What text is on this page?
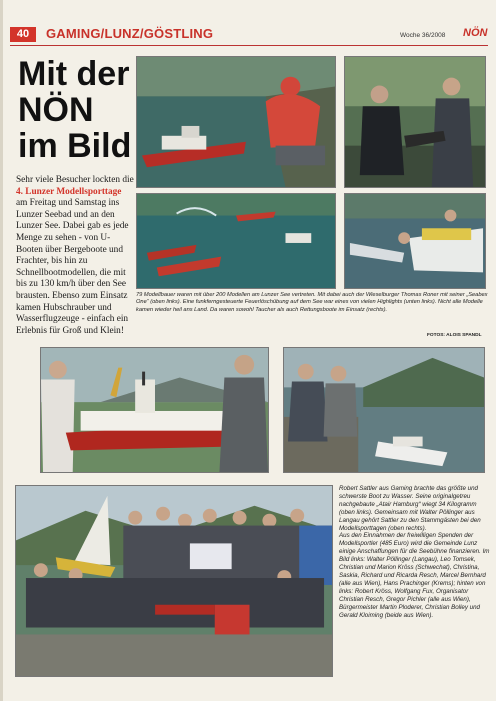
40	GAMING/LUNZ/GÖSTLING	Woche 36/2008 NÖN
Mit der
NÖN
im Bild
Sehr viele Besucher lockten die 4. Lunzer Modellsporttage am Freitag und Samstag ins Lunzer Seebad und an den Lunzer See. Dabei gab es jede Menge zu sehen - von U-Booten über Bergeboote und Frachter, bis hin zu Schnellbootmodellen, die mit bis zu 130 km/h über den See brausten. Ebenso zum Einsatz kamen Hubschrauber und Wasserflugzeuge - einfach ein Erlebnis für Groß und Klein!
79 Modellbauer waren mit über 200 Modellen am Lunzer See vertreten. Mit dabei auch der Wieselburger Thomas Roner mit seiner „Seabex One“ (oben links). Eine funkferngesteuerte Feuerlöschübung auf dem See war eines von vielen Highlights (unten links). Nicht alle Modelle kamen wieder heil ans Land. Da waren sowohl Taucher als auch Rettungsboote im Einsatz (rechts).
FOTOS: ALOIS SPANDL
Robert Sattler aus Gaming brachte das größte und schwerste Boot zu Wasser. Seine originalgetreu nachgebaute „Atair Hamburg“ wiegt 34 Kilogramm (oben links). Gemeinsam mit Walter Pöllinger aus Langau gehört Sattler zu den Stammgästen bei den Modellsporttagen (oben rechts).
Aus den Einnahmen der freiwilligen Spenden der Modellsportler (485 Euro) wird die Gemeinde Lunz einige Anschaffungen für die Seebühne finanzieren. Im Bild links: Walter Pöllinger (Langau), Leo Tomsek, Christian und Marion Kröss (Schwechat), Christina, Saskia, Richard und Ricarda Resch, Marcel Bernhard (alle aus Wien), Hans Prachinger (Krems); hinten von links: Robert Kröss, Wolfgang Fux, Organisator Christian Resch, Gregor Pichler (alle aus Wien), Bürgermeister Martin Ploderer, Christian Bolley und Gerald Kloiming (beide aus Wien).
